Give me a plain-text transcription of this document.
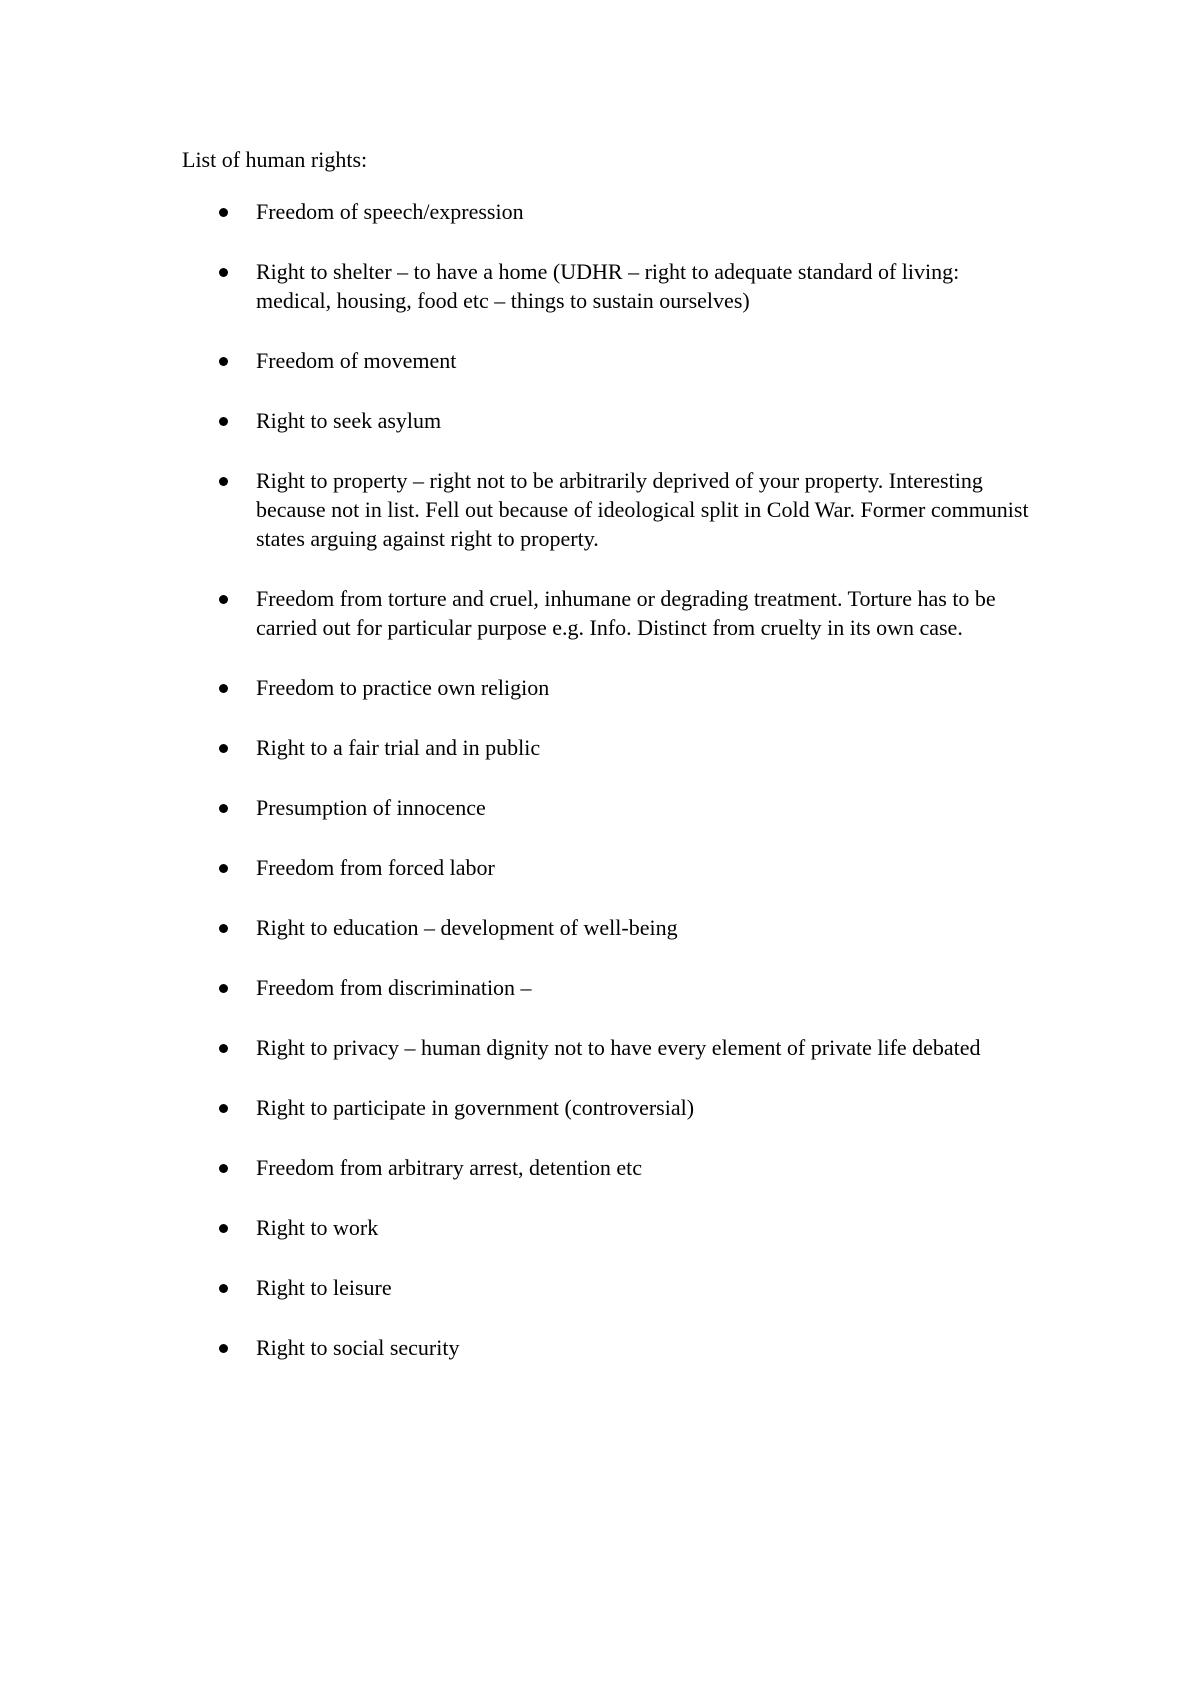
List of human rights:

Freedom of speech/expression
Right to shelter – to have a home (UDHR – right to adequate standard of living: medical, housing, food etc – things to sustain ourselves)
Freedom of movement
Right to seek asylum
Right to property – right not to be arbitrarily deprived of your property. Interesting because not in list. Fell out because of ideological split in Cold War. Former communist states arguing against right to property.
Freedom from torture and cruel, inhumane or degrading treatment. Torture has to be carried out for particular purpose e.g. Info. Distinct from cruelty in its own case.
Freedom to practice own religion
Right to a fair trial and in public
Presumption of innocence
Freedom from forced labor
Right to education – development of well-being
Freedom from discrimination –
Right to privacy – human dignity not to have every element of private life debated
Right to participate in government (controversial)
Freedom from arbitrary arrest, detention etc
Right to work
Right to leisure
Right to social security
